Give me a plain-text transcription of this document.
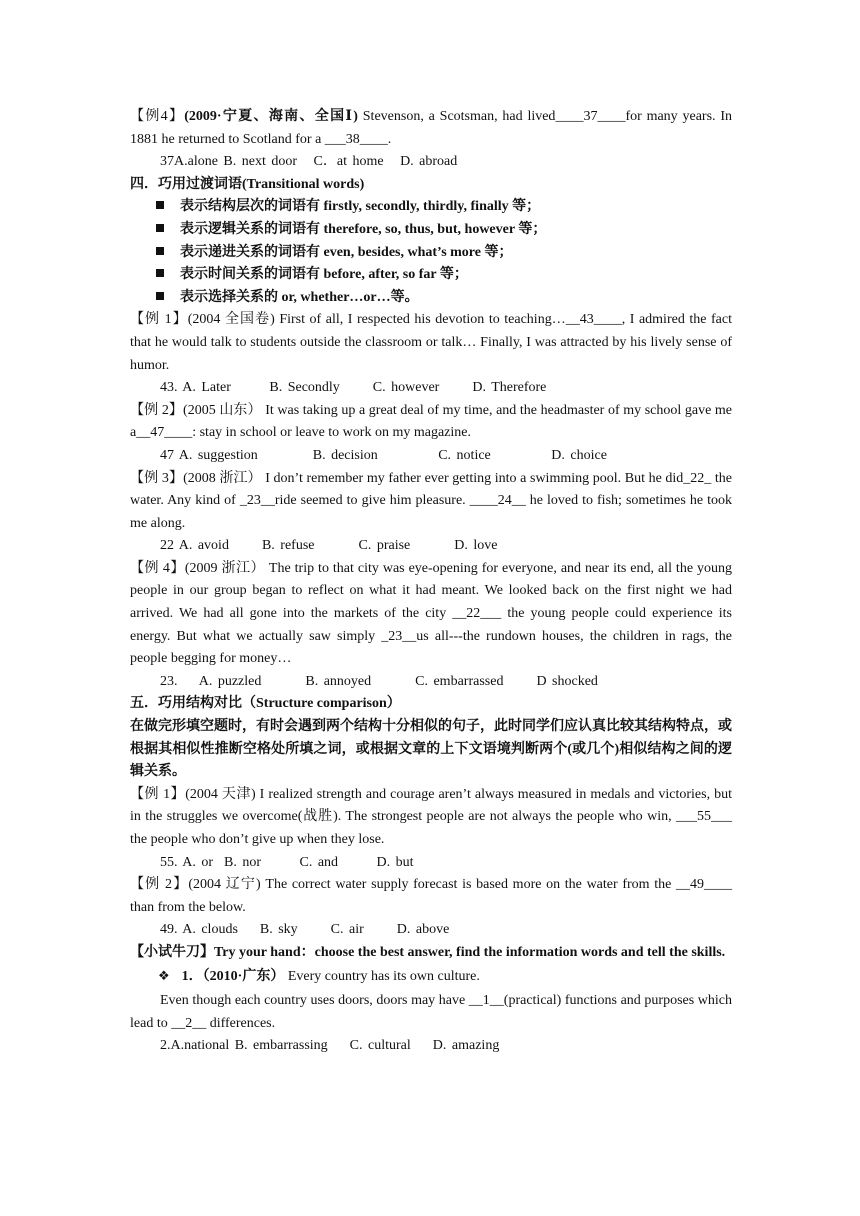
【例4】(2009·宁夏、海南、全国Ⅰ) Stevenson, a Scotsman, had lived____37____for many years. In 1881 he returned to Scotland for a ___38____.

37A.alone B. next door   C．at home   D. abroad

四．巧用过渡词语(Transitional words)

表示结构层次的词语有 firstly, secondly, thirdly, finally 等；

表示逻辑关系的词语有 therefore, so, thus, but, however 等；

表示递进关系的词语有 even, besides, what’s more 等；

表示时间关系的词语有 before, after, so far 等；

表示选择关系的 or, whether…or…等。

【例 1】(2004 全国卷) First of all, I respected his devotion to teaching…__43____, I admired the fact that he would talk to students outside the classroom or talk… Finally, I was attracted by his lively sense of humor.

43. A. Later       B. Secondly      C. however      D. Therefore

【例 2】(2005 山东） It was taking up a great deal of my time, and the headmaster of my school gave me a__47____: stay in school or leave to work on my magazine.

47 A. suggestion          B. decision           C. notice           D. choice

【例 3】(2008 浙江） I don’t remember my father ever getting into a swimming pool. But he did_22_ the water. Any kind of _23__ride seemed to give him pleasure. ____24__ he loved to fish; sometimes he took me along.

22 A. avoid      B. refuse        C. praise        D. love

【例 4】(2009 浙江） The trip to that city was eye-opening for everyone, and near its end, all the young people in our group began to reflect on what it had meant. We looked back on the first night we had arrived. We had all gone into the markets of the city __22___ the young people could experience its energy. But what we actually saw simply _23__us all---the rundown houses, the children in rags, the people begging for money…

23.    A. puzzled        B. annoyed        C. embarrassed      D shocked

五．巧用结构对比（Structure comparison）

在做完形填空题时，有时会遇到两个结构十分相似的句子，此时同学们应认真比较其结构特点，或根据其相似性推断空格处所填之词，或根据文章的上下文语境判断两个(或几个)相似结构之间的逻辑关系。

【例 1】(2004 天津) I realized strength and courage aren’t always measured in medals and victories, but in the struggles we overcome(战胜). The strongest people are not always the people who win, ___55___ the people who don’t give up when they lose.

55. A. or  B. nor       C. and       D. but

【例 2】(2004 辽宁) The correct water supply forecast is based more on the water from the __49____ than from the below.

49. A. clouds    B. sky      C. air      D. above

【小试牛刀】Try your hand：choose the best answer, find the information words and tell the skills.

❖ 1．（2010·广东） Every country has its own culture.

Even though each country uses doors, doors may have __1__(practical) functions and purposes which lead to __2__ differences.

2.A.national B. embarrassing    C. cultural    D. amazing
